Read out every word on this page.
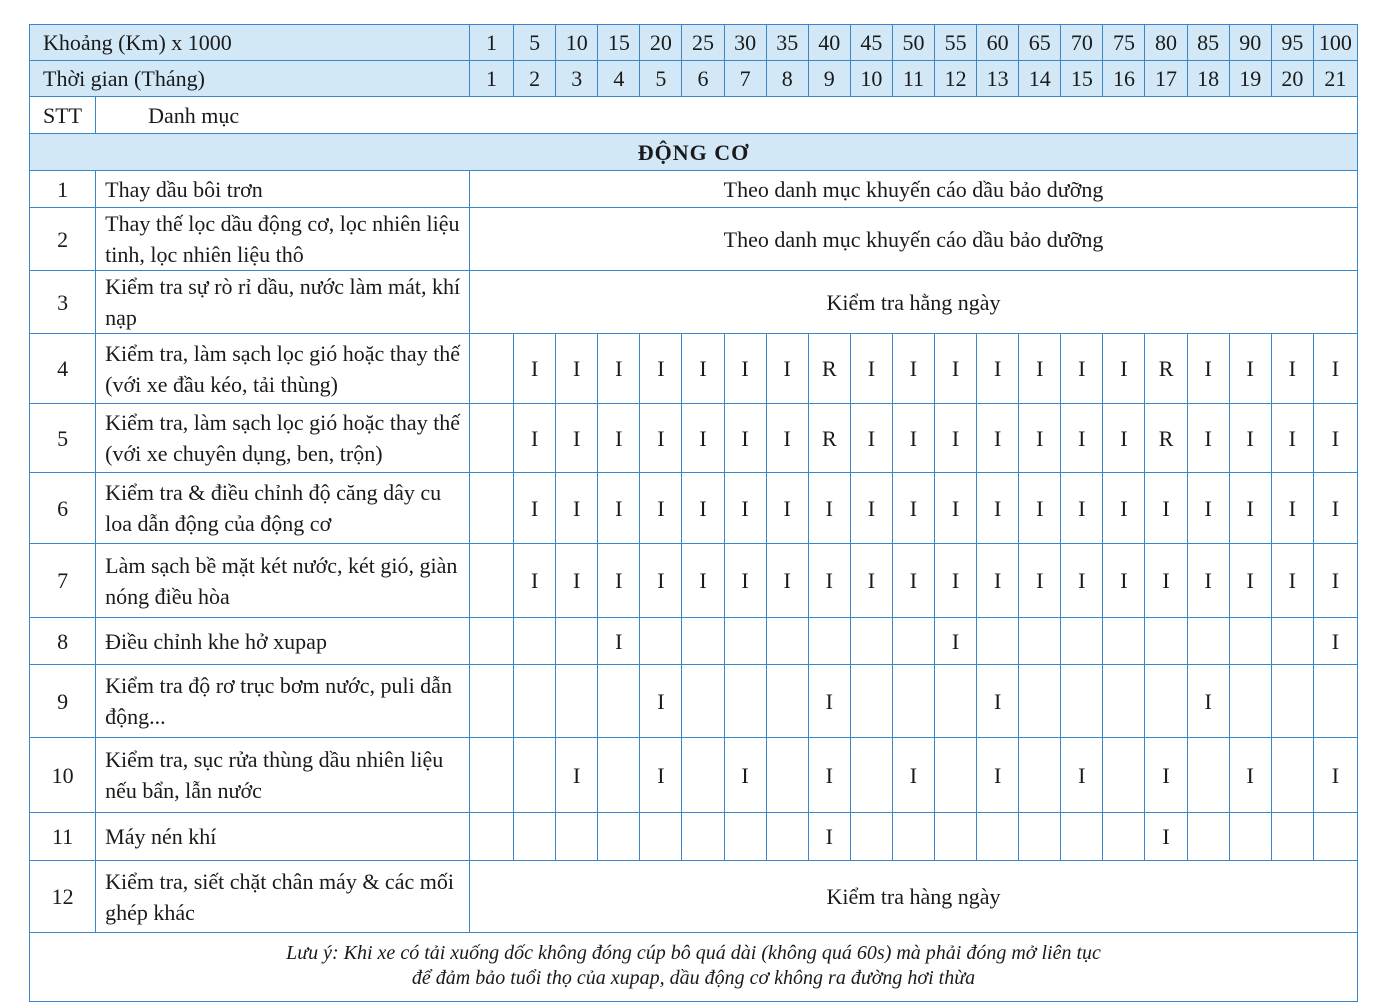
Khoảng (Km) x 1000		1	5	10	15	20	25	30	35	40	45	50	55	60	65	70	75	80	85	90	95	100
Thời gian (Tháng)		1	2	3	4	5	6	7	8	9	10	11	12	13	14	15	16	17	18	19	20	21
STT	Danh mục																					
ĐỘNG CƠ																						
1	Thay dầu bôi trơn	Theo danh mục khuyến cáo dầu bảo dưỡng																				
2	Thay thế lọc dầu động cơ, lọc nhiên liệu tinh, lọc nhiên liệu thô	Theo danh mục khuyến cáo dầu bảo dưỡng																				
3	Kiểm tra sự rò rỉ dầu, nước làm mát, khí nạp	Kiểm tra hằng ngày																				
4	Kiểm tra, làm sạch lọc gió hoặc thay thế (với xe đầu kéo, tải thùng)		I	I	I	I	I	I	I	R	I	I	I	I	I	I	I	R	I	I	I	I
5	Kiểm tra, làm sạch lọc gió hoặc thay thế (với xe chuyên dụng, ben, trộn)		I	I	I	I	I	I	I	R	I	I	I	I	I	I	I	R	I	I	I	I
6	Kiểm tra & điều chỉnh độ căng dây cu loa dẫn động của động cơ		I	I	I	I	I	I	I	I	I	I	I	I	I	I	I	I	I	I	I	I
7	Làm sạch bề mặt két nước, két gió, giàn nóng điều hòa		I	I	I	I	I	I	I	I	I	I	I	I	I	I	I	I	I	I	I	I
8	Điều chỉnh khe hở xupap				I								I									I
9	Kiểm tra độ rơ trục bơm nước, puli dẫn động...					I				I				I					I			
10	Kiểm tra, sục rửa thùng dầu nhiên liệu nếu bẩn, lẫn nước			I		I		I		I		I		I		I		I		I		I
11	Máy nén khí									I								I				
12	Kiểm tra, siết chặt chân máy & các mối ghép khác	Kiểm tra hàng ngày																				

Lưu ý: Khi xe có tải xuống dốc không đóng cúp bô quá dài (không quá 60s) mà phải đóng mở liên tục
để đảm bảo tuổi thọ của xupap, dầu động cơ không ra đường hơi thừa																						
